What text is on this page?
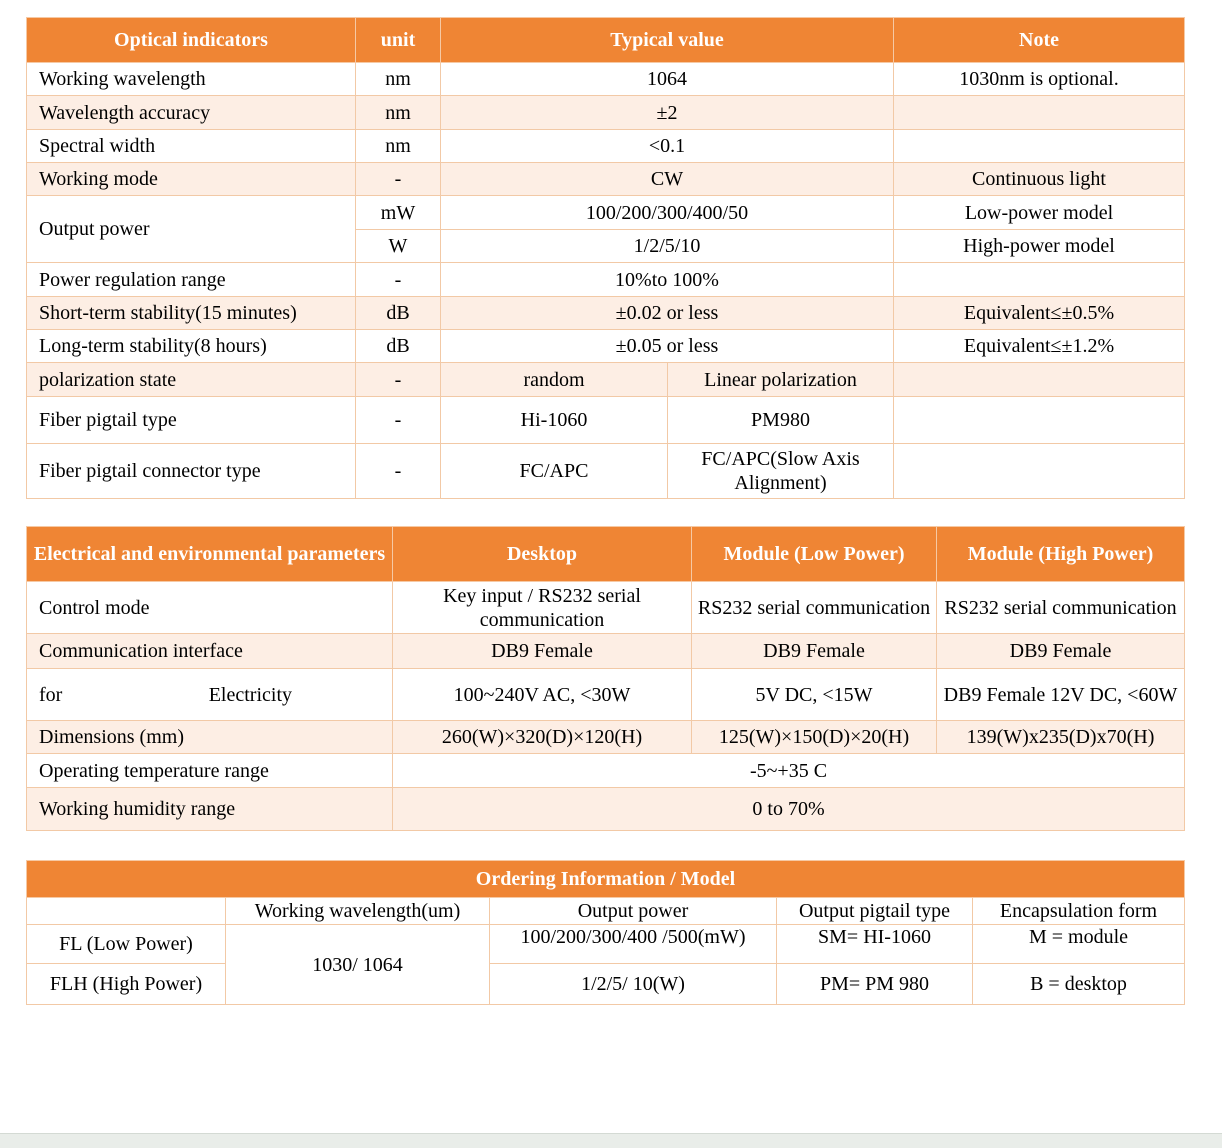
Optical indicators	unit	Typical value		Note
Working wavelength	nm	1064		1030nm is optional.
Wavelength accuracy	nm	±2		
Spectral width	nm	<0.1		
Working mode	-	CW		Continuous light
Output power	mW	100/200/300/400/50		Low-power model
	W	1/2/5/10		High-power model
Power regulation range	-	10%to 100%		
Short-term stability(15 minutes)	dB	±0.02 or less		Equivalent≤±0.5%
Long-term stability(8 hours)	dB	±0.05 or less		Equivalent≤±1.2%
polarization state	-	random	Linear polarization	
Fiber pigtail type	-	Hi-1060	PM980	
Fiber pigtail connector type	-	FC/APC	FC/APC(Slow Axis Alignment)	
Electrical and environmental parameters	Desktop	Module (Low Power)	Module (High Power)
Control mode	Key input / RS232 serial communication	RS232 serial communication	RS232 serial communication
Communication interface	DB9 Female	DB9 Female	DB9 Female

for Electricity	100~240V AC, <30W	5V DC, <15W	DB9 Female 12V DC, <60W
Dimensions (mm)	260(W)×320(D)×120(H)	125(W)×150(D)×20(H)	139(W)x235(D)x70(H)
Operating temperature range	-5~+35 C		
Working humidity range	0 to 70%		
Ordering Information / Model				
	Working wavelength(um)	Output power	Output pigtail type	Encapsulation form
FL (Low Power)	1030/ 1064	100/200/300/400 /500(mW)	SM= HI-1060	M = module
FLH (High Power)		1/2/5/ 10(W)	PM= PM 980	B = desktop
